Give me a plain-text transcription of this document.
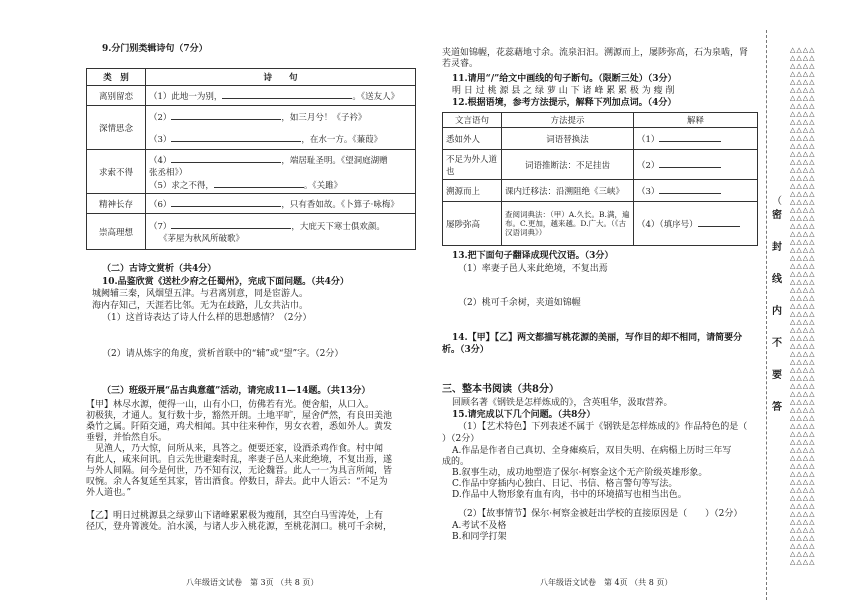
9.分门别类辑诗句（7分）
类　别	诗　　句
离别留恋	（1）此地一为别， 。《送友人》
深情思念	（2） ，如三月兮！《子衿》
（3） ，在水一方。《蒹葭》

求索不得	（4） ，端居耻圣明。《望洞庭湖赠
张丞相》）
（5）求之不得， 。《关雎》

精神长存	（6） ，只有香如故。《卜算子·咏梅》
崇高理想	（7） ，大庇天下寒士俱欢颜。
《茅屋为秋风所破歌》
（二）古诗文赏析（共4分）
10.品鉴欣赏《送杜少府之任蜀州》，完成下面问题。（共4分）
城阙辅三秦，风烟望五津。与君离别意，同是宦游人。
海内存知己，天涯若比邻。无为在歧路，儿女共沾巾。
（1）这首诗表达了诗人什么样的思想感情？（2分）
（2）请从炼字的角度，赏析首联中的“辅”或“望”字。（2分）
（三）班级开展“品古典意蕴”活动，请完成11—14题。（共13分）
【甲】林尽水源，便得一山，山有小口，仿佛若有光。便舍船，从口入。
初极狭，才通人。复行数十步，豁然开朗。土地平旷，屋舍俨然，有良田美池
桑竹之属。阡陌交通，鸡犬相闻。其中往来种作，男女衣着，悉如外人。黄发
垂髫，并怡然自乐。
　见渔人，乃大惊，问所从来，具答之。便要还家，设酒杀鸡作食。村中闻
有此人，咸来问讯。自云先世避秦时乱，率妻子邑人来此绝境，不复出焉，遂
与外人间隔。问今是何世，乃不知有汉，无论魏晋。此人一一为具言所闻，皆
叹惋。余人各复延至其家，皆出酒食。停数日，辞去。此中人语云：“不足为
外人道也。”
【乙】明日过桃源县之绿萝山下诸峰累累极为瘦削，其空白马雪涛处，上有
径仄，登舟箐渡处。泊水溪，与诸人步入桃花源，至桃花洞口。桃可千余树，
八年级语文试卷　第 3页 （共 8 页）
夹道如锦幄，花蕊藉地寸余。流泉汩汩。溯源而上，屡陟弥高，石为泉啮，肾
若灵睿。
11.请用“/”给文中画线的句子断句。（限断三处）（3分）
明 日 过 桃 源 县 之 绿 萝 山 下 诸 峰 累 累 极 为 瘦 削
12.根据语境，参考方法提示，解释下列加点词。（4分）
文言语句	方法提示	解释
悉如外人	词语替换法	（1）
不足为外人道也	词语推断法：不足挂齿	（2）
溯源而上	课内迁移法：沿溯阻绝《三峡》	（3）
屡陟弥高	查阅词典法：（甲）A.久长。B.满，遍布。C.更加，越来越。D.广大。（《古汉语词典》）	（4）（填序号）
13.把下面句子翻译成现代汉语。（3分）
（1）率妻子邑人来此绝境，不复出焉
（2）桃可千余树，夹道如锦幄
14.【甲】【乙】两文都描写桃花源的美丽，写作目的却不相同，请简要分
析。（3分）
三、整本书阅读（共8分）
回顾名著《钢铁是怎样炼成的》，含英咀华，汲取营养。
15.请完成以下几个问题。（共8分）
（1）【艺术特色】下列表述不属于《钢铁是怎样炼成的》作品特色的是（
）（2分）
A.作品是作者自己真切、全身瘫痪后，双目失明、在病榻上历时三年写
成的。
B.叙事生动，成功地塑造了保尔·柯察金这个无产阶级英雄形象。
C.作品中穿插内心独白、日记、书信、格言警句等写法。
D.作品中人物形象有血有肉，书中的环境描写也相当出色。
（2）【故事情节】保尔·柯察金被赶出学校的直接原因是（　　）（2分）
A.考试不及格
B.和同学打架
八年级语文试卷　第 4页 （共 8 页）
（
密
封
线
内
不
要
答
△△△△
△△△△
△△△△
△△△△
△△△△
△△△△
△△△△
△△△△
△△△△
△△△△
△△△△
△△△△
△△△△
△△△△
△△△△
△△△△
△△△△
△△△△
△△△△
△△△△
△△△△
△△△△
△△△△
△△△△
△△△△
△△△△
△△△△
△△△△
△△△△
△△△△
△△△△
△△△△
△△△△
△△△△
△△△△
△△△△
△△△△
△△△△
△△△△
△△△△
△△△△
△△△△
△△△△
△△△△
△△△△
△△△△
△△△△
△△△△
△△△△
△△△△
△△△△
△△△△
△△△△
△△△△
△△△△
△△△△
△△△△
△△△△
△△△△
△△△△
△△△△
△△△△
△△△△
△△△△
△△△△
